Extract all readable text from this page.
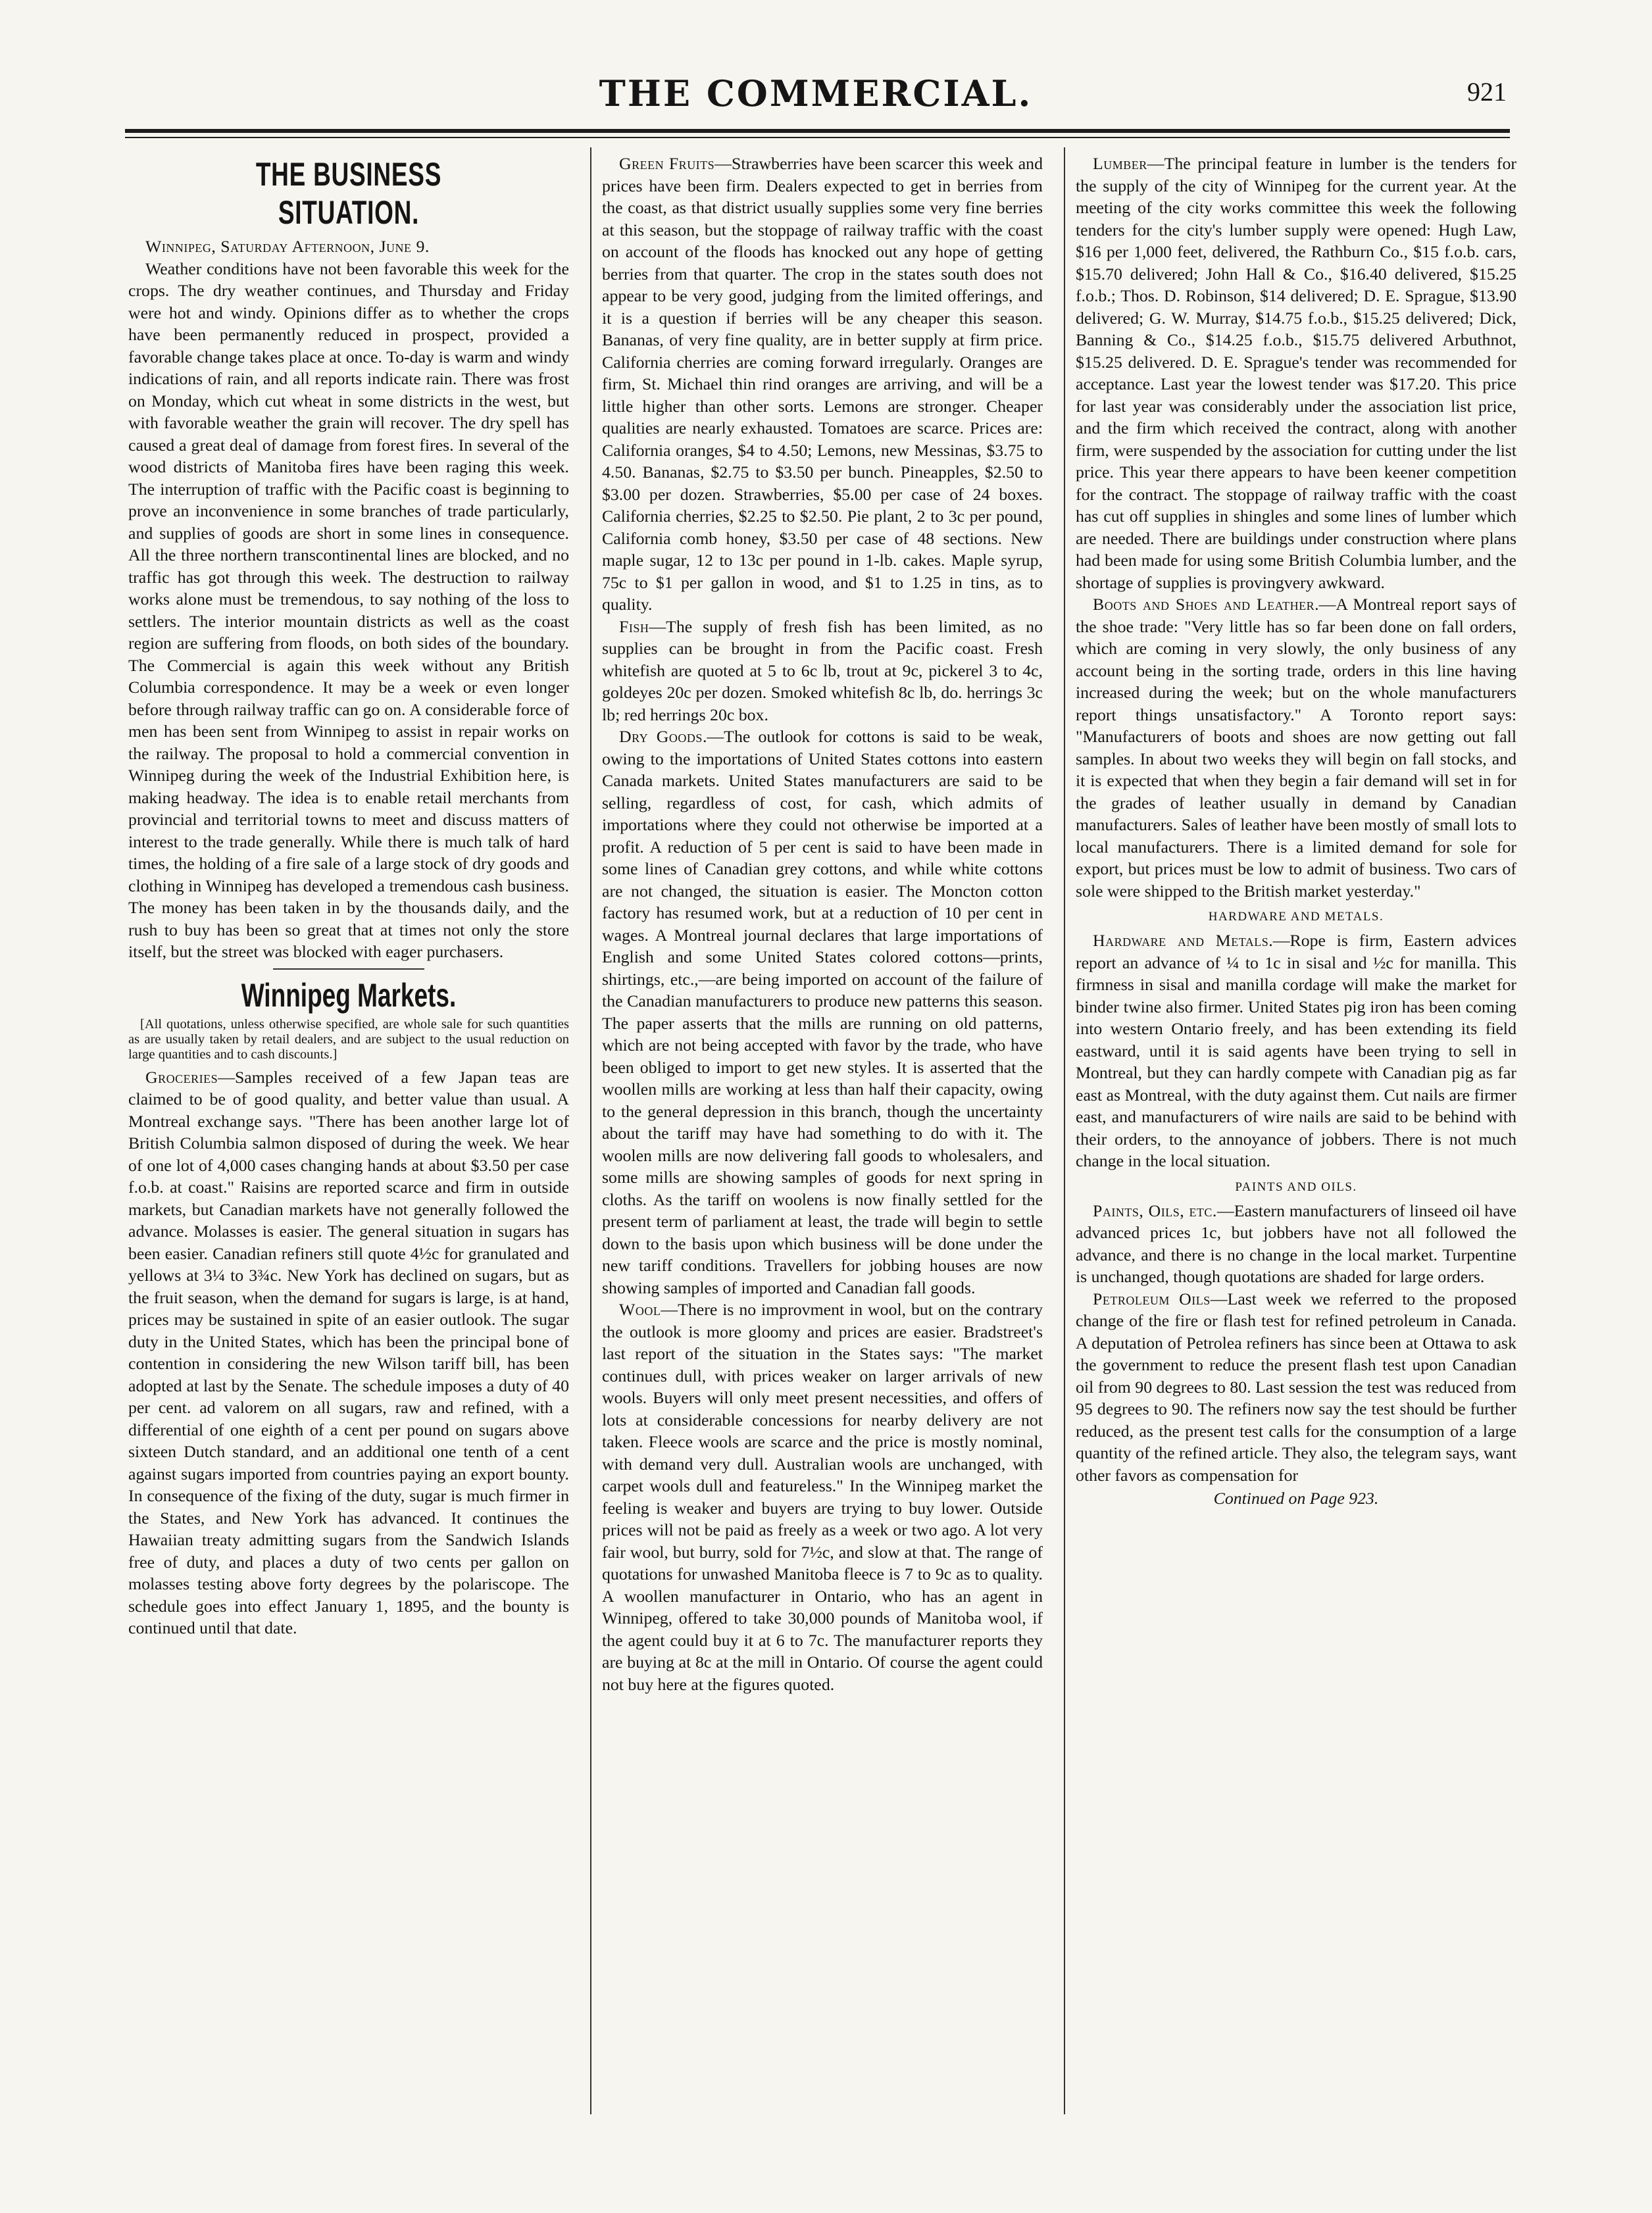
THE COMMERCIAL.	921
THE BUSINESS SITUATION.

Winnipeg, Saturday Afternoon, June 9.

Weather conditions have not been favorable this week for the crops. The dry weather continues, and Thursday and Friday were hot and windy. Opinions differ as to whether the crops have been permanently reduced in prospect, provided a favorable change takes place at once. To-day is warm and windy indications of rain, and all reports indicate rain. There was frost on Monday, which cut wheat in some districts in the west, but with favorable weather the grain will recover. The dry spell has caused a great deal of damage from forest fires. In several of the wood districts of Manitoba fires have been raging this week. The interruption of traffic with the Pacific coast is beginning to prove an inconvenience in some branches of trade particularly, and supplies of goods are short in some lines in consequence. All the three northern transcontinental lines are blocked, and no traffic has got through this week. The destruction to railway works alone must be tremendous, to say nothing of the loss to settlers. The interior mountain districts as well as the coast region are suffering from floods, on both sides of the boundary. The Commercial is again this week without any British Columbia correspondence. It may be a week or even longer before through railway traffic can go on. A considerable force of men has been sent from Winnipeg to assist in repair works on the railway. The proposal to hold a commercial convention in Winnipeg during the week of the Industrial Exhibition here, is making headway. The idea is to enable retail merchants from provincial and territorial towns to meet and discuss matters of interest to the trade generally. While there is much talk of hard times, the holding of a fire sale of a large stock of dry goods and clothing in Winnipeg has developed a tremendous cash business. The money has been taken in by the thousands daily, and the rush to buy has been so great that at times not only the store itself, but the street was blocked with eager purchasers.

Winnipeg Markets.

[All quotations, unless otherwise specified, are whole sale for such quantities as are usually taken by retail dealers, and are subject to the usual reduction on large quantities and to cash discounts.]

Groceries—Samples received of a few Japan teas are claimed to be of good quality, and better value than usual. A Montreal exchange says. "There has been another large lot of British Columbia salmon disposed of during the week. We hear of one lot of 4,000 cases changing hands at about $3.50 per case f.o.b. at coast." Raisins are reported scarce and firm in outside markets, but Canadian markets have not generally followed the advance. Molasses is easier. The general situation in sugars has been easier. Canadian refiners still quote 4½c for granulated and yellows at 3¼ to 3¾c. New York has declined on sugars, but as the fruit season, when the demand for sugars is large, is at hand, prices may be sustained in spite of an easier outlook. The sugar duty in the United States, which has been the principal bone of contention in considering the new Wilson tariff bill, has been adopted at last by the Senate. The schedule imposes a duty of 40 per cent. ad valorem on all sugars, raw and refined, with a differential of one eighth of a cent per pound on sugars above sixteen Dutch standard, and an additional one tenth of a cent against sugars imported from countries paying an export bounty. In consequence of the fixing of the duty, sugar is much firmer in the States, and New York has advanced. It continues the Hawaiian treaty admitting sugars from the Sandwich Islands free of duty, and places a duty of two cents per gallon on molasses testing above forty degrees by the polariscope. The schedule goes into effect January 1, 1895, and the bounty is continued until that date.

Green Fruits—Strawberries have been scarcer this week and prices have been firm. Dealers expected to get in berries from the coast, as that district usually supplies some very fine berries at this season, but the stoppage of railway traffic with the coast on account of the floods has knocked out any hope of getting berries from that quarter. The crop in the states south does not appear to be very good, judging from the limited offerings, and it is a question if berries will be any cheaper this season. Bananas, of very fine quality, are in better supply at firm price. California cherries are coming forward irregularly. Oranges are firm, St. Michael thin rind oranges are arriving, and will be a little higher than other sorts. Lemons are stronger. Cheaper qualities are nearly exhausted. Tomatoes are scarce. Prices are: California oranges, $4 to 4.50; Lemons, new Messinas, $3.75 to 4.50. Bananas, $2.75 to $3.50 per bunch. Pineapples, $2.50 to $3.00 per dozen. Strawberries, $5.00 per case of 24 boxes. California cherries, $2.25 to $2.50. Pie plant, 2 to 3c per pound, California comb honey, $3.50 per case of 48 sections. New maple sugar, 12 to 13c per pound in 1-lb. cakes. Maple syrup, 75c to $1 per gallon in wood, and $1 to 1.25 in tins, as to quality.

Fish—The supply of fresh fish has been limited, as no supplies can be brought in from the Pacific coast. Fresh whitefish are quoted at 5 to 6c lb, trout at 9c, pickerel 3 to 4c, goldeyes 20c per dozen. Smoked whitefish 8c lb, do. herrings 3c lb; red herrings 20c box.

Dry Goods.—The outlook for cottons is said to be weak, owing to the importations of United States cottons into eastern Canada markets. United States manufacturers are said to be selling, regardless of cost, for cash, which admits of importations where they could not otherwise be imported at a profit. A reduction of 5 per cent is said to have been made in some lines of Canadian grey cottons, and while white cottons are not changed, the situation is easier. The Moncton cotton factory has resumed work, but at a reduction of 10 per cent in wages. A Montreal journal declares that large importations of English and some United States colored cottons—prints, shirtings, etc.,—are being imported on account of the failure of the Canadian manufacturers to produce new patterns this season. The paper asserts that the mills are running on old patterns, which are not being accepted with favor by the trade, who have been obliged to import to get new styles. It is asserted that the woollen mills are working at less than half their capacity, owing to the general depression in this branch, though the uncertainty about the tariff may have had something to do with it. The woolen mills are now delivering fall goods to wholesalers, and some mills are showing samples of goods for next spring in cloths. As the tariff on woolens is now finally settled for the present term of parliament at least, the trade will begin to settle down to the basis upon which business will be done under the new tariff conditions. Travellers for jobbing houses are now showing samples of imported and Canadian fall goods.

Wool—There is no improvment in wool, but on the contrary the outlook is more gloomy and prices are easier. Bradstreet's last report of the situation in the States says: "The market continues dull, with prices weaker on larger arrivals of new wools. Buyers will only meet present necessities, and offers of lots at considerable concessions for nearby delivery are not taken. Fleece wools are scarce and the price is mostly nominal, with demand very dull. Australian wools are unchanged, with carpet wools dull and featureless." In the Winnipeg market the feeling is weaker and buyers are trying to buy lower. Outside prices will not be paid as freely as a week or two ago. A lot very fair wool, but burry, sold for 7½c, and slow at that. The range of quotations for unwashed Manitoba fleece is 7 to 9c as to quality. A woollen manufacturer in Ontario, who has an agent in Winnipeg, offered to take 30,000 pounds of Manitoba wool, if the agent could buy it at 6 to 7c. The manufacturer reports they are buying at 8c at the mill in Ontario. Of course the agent could not buy here at the figures quoted.

Lumber—The principal feature in lumber is the tenders for the supply of the city of Winnipeg for the current year. At the meeting of the city works committee this week the following tenders for the city's lumber supply were opened: Hugh Law, $16 per 1,000 feet, delivered, the Rathburn Co., $15 f.o.b. cars, $15.70 delivered; John Hall & Co., $16.40 delivered, $15.25 f.o.b.; Thos. D. Robinson, $14 delivered; D. E. Sprague, $13.90 delivered; G. W. Murray, $14.75 f.o.b., $15.25 delivered; Dick, Banning & Co., $14.25 f.o.b., $15.75 delivered Arbuthnot, $15.25 delivered. D. E. Sprague's tender was recommended for acceptance. Last year the lowest tender was $17.20. This price for last year was considerably under the association list price, and the firm which received the contract, along with another firm, were suspended by the association for cutting under the list price. This year there appears to have been keener competition for the contract. The stoppage of railway traffic with the coast has cut off supplies in shingles and some lines of lumber which are needed. There are buildings under construction where plans had been made for using some British Columbia lumber, and the shortage of supplies is provingvery awkward.

Boots and Shoes and Leather.—A Montreal report says of the shoe trade: "Very little has so far been done on fall orders, which are coming in very slowly, the only business of any account being in the sorting trade, orders in this line having increased during the week; but on the whole manufacturers report things unsatisfactory." A Toronto report says: "Manufacturers of boots and shoes are now getting out fall samples. In about two weeks they will begin on fall stocks, and it is expected that when they begin a fair demand will set in for the grades of leather usually in demand by Canadian manufacturers. Sales of leather have been mostly of small lots to local manufacturers. There is a limited demand for sole for export, but prices must be low to admit of business. Two cars of sole were shipped to the British market yesterday."

HARDWARE AND METALS.

Hardware and Metals.—Rope is firm, Eastern advices report an advance of ¼ to 1c in sisal and ½c for manilla. This firmness in sisal and manilla cordage will make the market for binder twine also firmer. United States pig iron has been coming into western Ontario freely, and has been extending its field eastward, until it is said agents have been trying to sell in Montreal, but they can hardly compete with Canadian pig as far east as Montreal, with the duty against them. Cut nails are firmer east, and manufacturers of wire nails are said to be behind with their orders, to the annoyance of jobbers. There is not much change in the local situation.

PAINTS AND OILS.

Paints, Oils, etc.—Eastern manufacturers of linseed oil have advanced prices 1c, but jobbers have not all followed the advance, and there is no change in the local market. Turpentine is unchanged, though quotations are shaded for large orders.

Petroleum Oils—Last week we referred to the proposed change of the fire or flash test for refined petroleum in Canada. A deputation of Petrolea refiners has since been at Ottawa to ask the government to reduce the present flash test upon Canadian oil from 90 degrees to 80. Last session the test was reduced from 95 degrees to 90. The refiners now say the test should be further reduced, as the present test calls for the consumption of a large quantity of the refined article. They also, the telegram says, want other favors as compensation for

Continued on Page 923.
